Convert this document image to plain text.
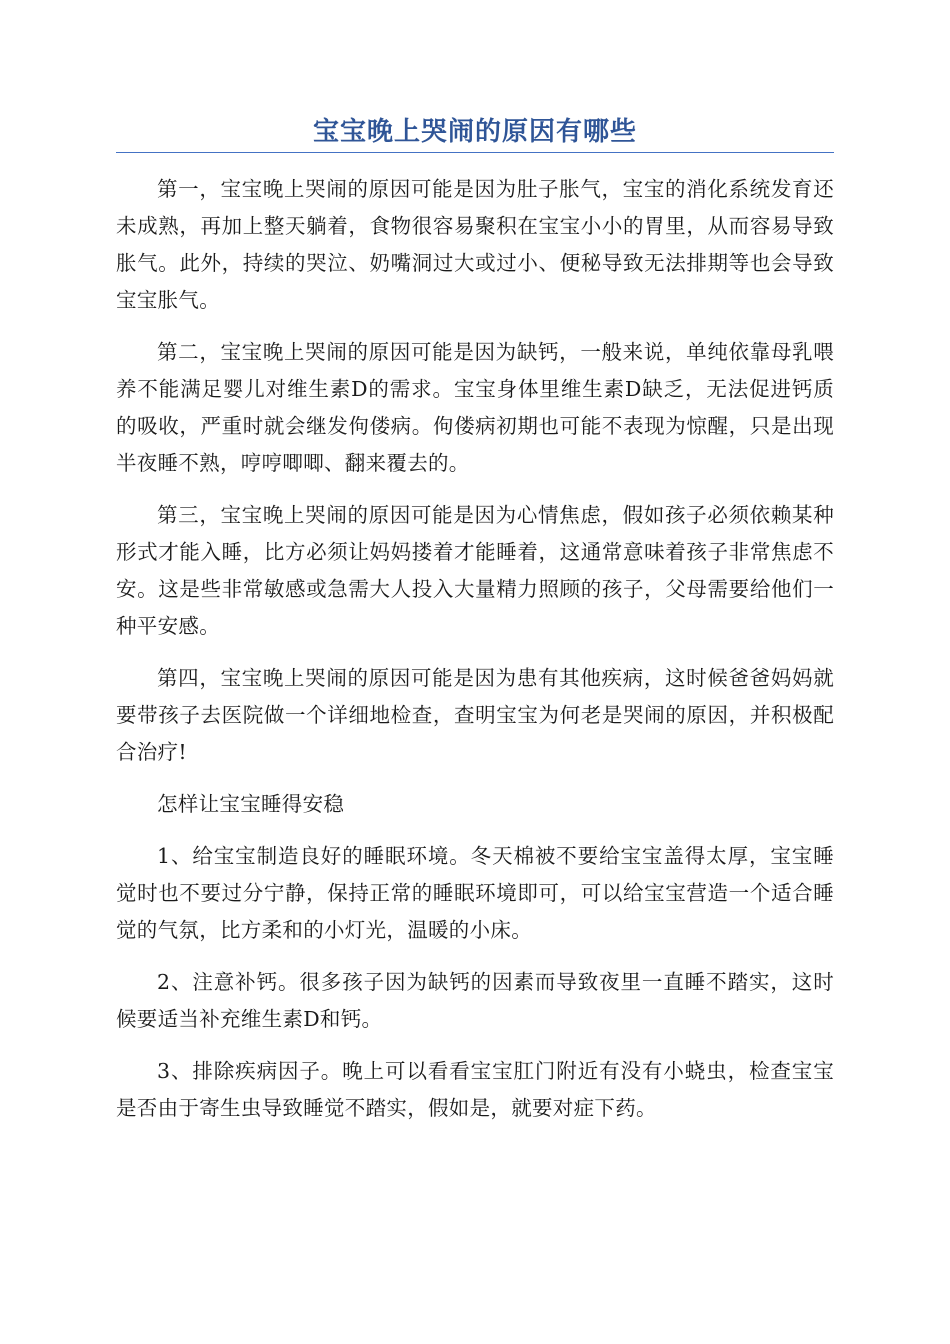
宝宝晚上哭闹的原因有哪些

第一，宝宝晚上哭闹的原因可能是因为肚子胀气，宝宝的消化系统发育还未成熟，再加上整天躺着，食物很容易聚积在宝宝小小的胃里，从而容易导致胀气。此外，持续的哭泣、奶嘴洞过大或过小、便秘导致无法排期等也会导致宝宝胀气。

第二，宝宝晚上哭闹的原因可能是因为缺钙，一般来说，单纯依靠母乳喂养不能满足婴儿对维生素D的需求。宝宝身体里维生素D缺乏，无法促进钙质的吸收，严重时就会继发佝偻病。佝偻病初期也可能不表现为惊醒，只是出现半夜睡不熟，哼哼唧唧、翻来覆去的。

第三，宝宝晚上哭闹的原因可能是因为心情焦虑，假如孩子必须依赖某种形式才能入睡，比方必须让妈妈搂着才能睡着，这通常意味着孩子非常焦虑不安。这是些非常敏感或急需大人投入大量精力照顾的孩子，父母需要给他们一种平安感。

第四，宝宝晚上哭闹的原因可能是因为患有其他疾病，这时候爸爸妈妈就要带孩子去医院做一个详细地检查，查明宝宝为何老是哭闹的原因，并积极配合治疗!

怎样让宝宝睡得安稳

1、给宝宝制造良好的睡眠环境。冬天棉被不要给宝宝盖得太厚，宝宝睡觉时也不要过分宁静，保持正常的睡眠环境即可，可以给宝宝营造一个适合睡觉的气氛，比方柔和的小灯光，温暖的小床。

2、注意补钙。很多孩子因为缺钙的因素而导致夜里一直睡不踏实，这时候要适当补充维生素D和钙。

3、排除疾病因子。晚上可以看看宝宝肛门附近有没有小蛲虫，检查宝宝是否由于寄生虫导致睡觉不踏实，假如是，就要对症下药。
